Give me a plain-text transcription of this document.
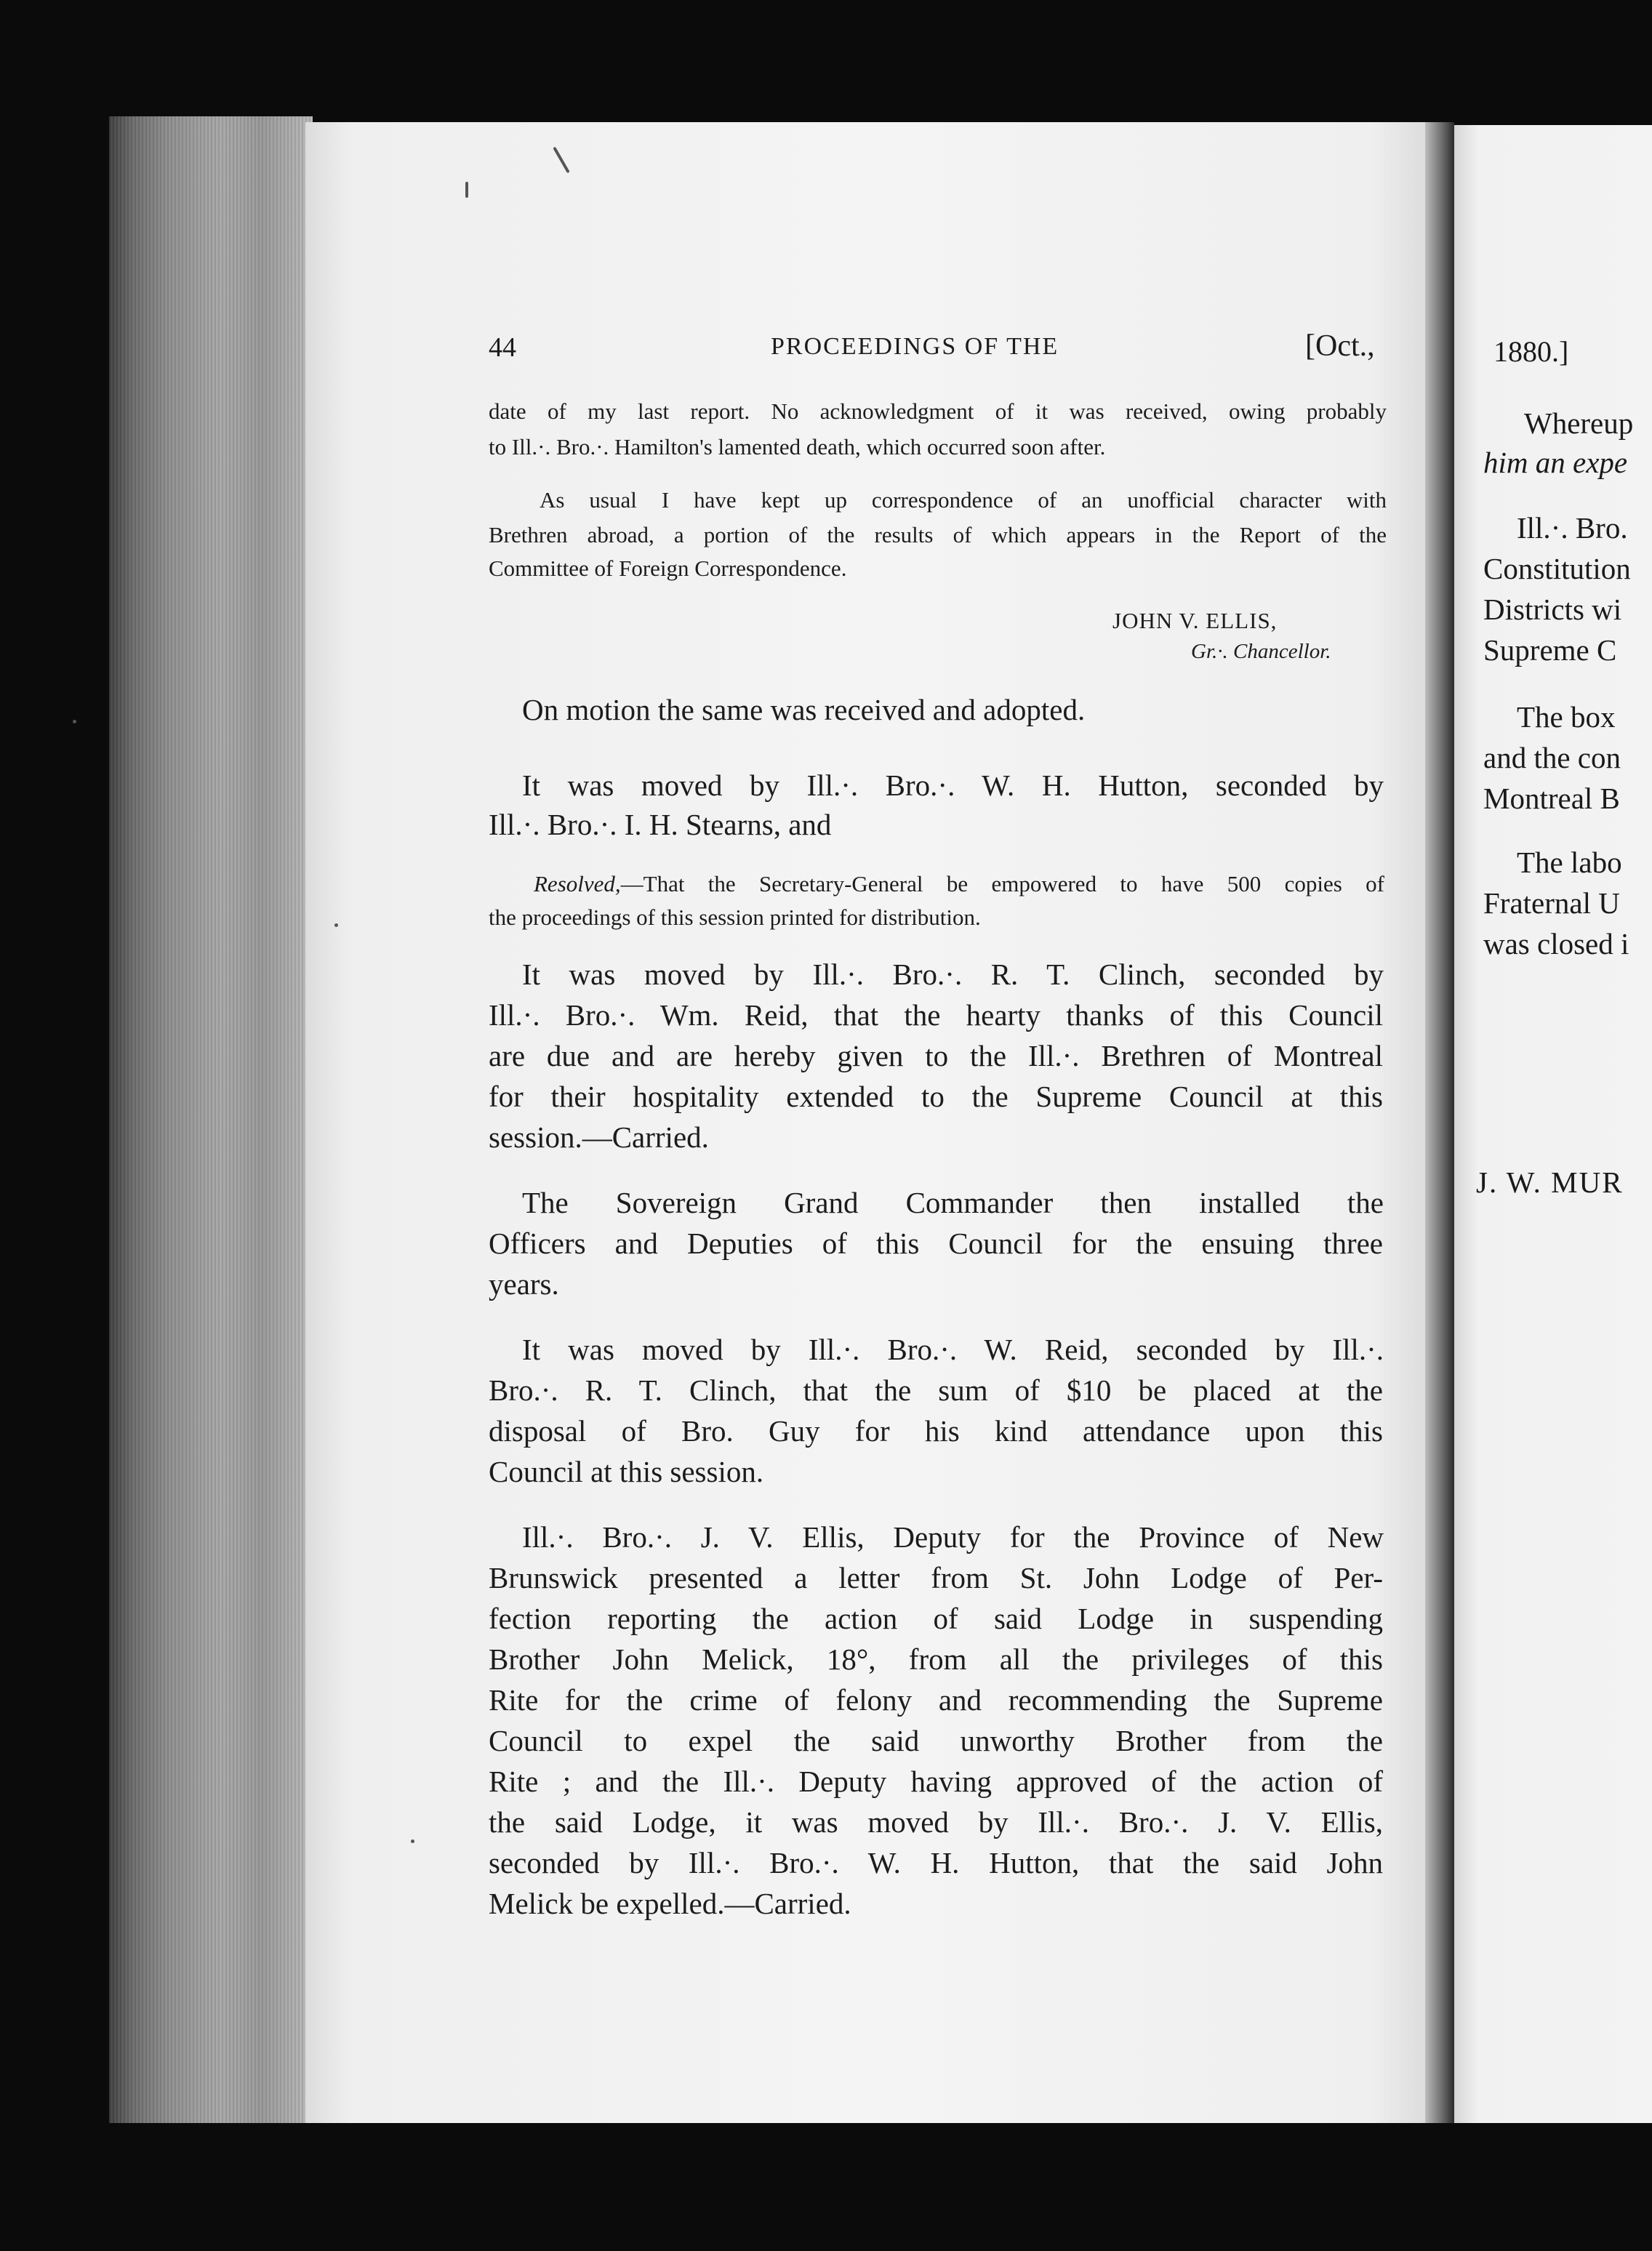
44	PROCEEDINGS OF THE	[Oct.,
date of my last report. No acknowledgment of it was received, owing probably
to Ill.·. Bro.·. Hamilton's lamented death, which occurred soon after.
As usual I have kept up correspondence of an unofficial character with
Brethren abroad, a portion of the results of which appears in the Report of the
Committee of Foreign Correspondence.
JOHN V. ELLIS,
Gr.·. Chancellor.
On motion the same was received and adopted.
It was moved by Ill.·. Bro.·. W. H. Hutton, seconded by
Ill.·. Bro.·. I. H. Stearns, and
Resolved,—That the Secretary-General be empowered to have 500 copies of
the proceedings of this session printed for distribution.
It was moved by Ill.·. Bro.·. R. T. Clinch, seconded by
Ill.·. Bro.·. Wm. Reid, that the hearty thanks of this Council
are due and are hereby given to the Ill.·. Brethren of Montreal
for their hospitality extended to the Supreme Council at this
session.—Carried.
The Sovereign Grand Commander then installed the
Officers and Deputies of this Council for the ensuing three
years.
It was moved by Ill.·. Bro.·. W. Reid, seconded by Ill.·.
Bro.·. R. T. Clinch, that the sum of $10 be placed at the
disposal of Bro. Guy for his kind attendance upon this
Council at this session.
Ill.·. Bro.·. J. V. Ellis, Deputy for the Province of New
Brunswick presented a letter from St. John Lodge of Per-
fection reporting the action of said Lodge in suspending
Brother John Melick, 18°, from all the privileges of this
Rite for the crime of felony and recommending the Supreme
Council to expel the said unworthy Brother from the
Rite ; and the Ill.·. Deputy having approved of the action of
the said Lodge, it was moved by Ill.·. Bro.·. J. V. Ellis,
seconded by Ill.·. Bro.·. W. H. Hutton, that the said John
Melick be expelled.—Carried.
1880.]
Whereup
him an expe
Ill.·. Bro.
Constitution
Districts wi
Supreme C
The box
and the con
Montreal B
The labo
Fraternal U
was closed i
J. W. MUR
